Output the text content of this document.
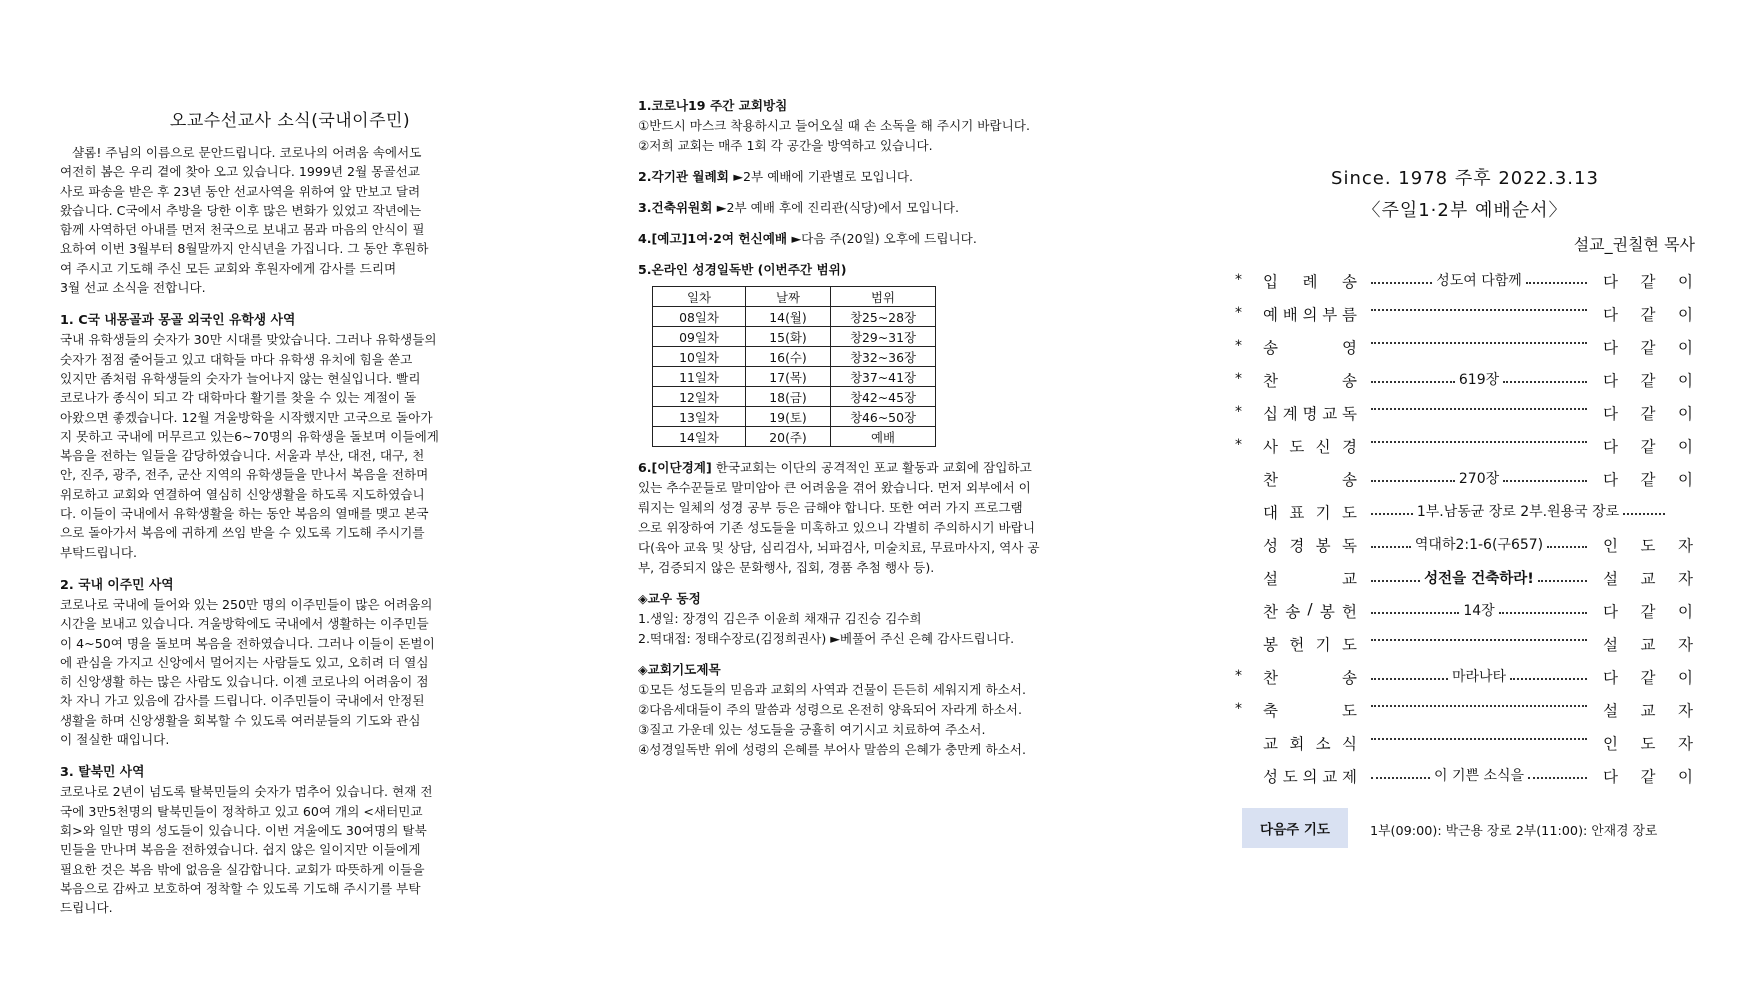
오교수선교사 소식(국내이주민)
샬롬! 주님의 이름으로 문안드립니다. 코로나의 어려움 속에서도
여전히 봄은 우리 곁에 찾아 오고 있습니다. 1999년 2월 몽골선교
사로 파송을 받은 후 23년 동안 선교사역을 위하여 앞 만보고 달려
왔습니다. C국에서 추방을 당한 이후 많은 변화가 있었고 작년에는
함께 사역하던 아내를 먼저 천국으로 보내고 몸과 마음의 안식이 필
요하여 이번 3월부터 8월말까지 안식년을 가집니다. 그 동안 후원하
여 주시고 기도해 주신 모든 교회와 후원자에게 감사를 드리며
3월 선교 소식을 전합니다.
1. C국 내몽골과 몽골 외국인 유학생 사역
국내 유학생들의 숫자가 30만 시대를 맞았습니다. 그러나 유학생들의
숫자가 점점 줄어들고 있고 대학들 마다 유학생 유치에 힘을 쏟고
있지만 좀처럼 유학생들의 숫자가 늘어나지 않는 현실입니다. 빨리
코로나가 종식이 되고 각 대학마다 활기를 찾을 수 있는 계절이 돌
아왔으면 좋겠습니다. 12월 겨울방학을 시작했지만 고국으로 돌아가
지 못하고 국내에 머무르고 있는6~70명의 유학생을 돌보며 이들에게
복음을 전하는 일들을 감당하였습니다. 서울과 부산, 대전, 대구, 천
안, 진주, 광주, 전주, 군산 지역의 유학생들을 만나서 복음을 전하며
위로하고 교회와 연결하여 열심히 신앙생활을 하도록 지도하였습니
다. 이들이 국내에서 유학생활을 하는 동안 복음의 열매를 맺고 본국
으로 돌아가서 복음에 귀하게 쓰임 받을 수 있도록 기도해 주시기를
부탁드립니다.
2. 국내 이주민 사역
코로나로 국내에 들어와 있는 250만 명의 이주민들이 많은 어려움의
시간을 보내고 있습니다. 겨울방학에도 국내에서 생활하는 이주민들
이 4~50여 명을 돌보며 복음을 전하였습니다. 그러나 이들이 돈벌이
에 관심을 가지고 신앙에서 멀어지는 사람들도 있고, 오히려 더 열심
히 신앙생활 하는 많은 사람도 있습니다. 이젠 코로나의 어려움이 점
차 자니 가고 있음에 감사를 드립니다. 이주민들이 국내에서 안정된
생활을 하며 신앙생활을 회복할 수 있도록 여러분들의 기도와 관심
이 절실한 때입니다.
3. 탈북민 사역
코로나로 2년이 넘도록 탈북민들의 숫자가 멈추어 있습니다. 현재 전
국에 3만5천명의 탈북민들이 정착하고 있고 60여 개의 <새터민교
회>와 일만 명의 성도들이 있습니다. 이번 겨울에도 30여명의 탈북
민들을 만나며 복음을 전하였습니다. 쉽지 않은 일이지만 이들에게
필요한 것은 복음 밖에 없음을 실감합니다. 교회가 따뜻하게 이들을
복음으로 감싸고 보호하여 정착할 수 있도록 기도해 주시기를 부탁
드립니다.
1.코로나19 주간 교회방침
①반드시 마스크 착용하시고 들어오실 때 손 소독을 해 주시기 바랍니다.
②저희 교회는 매주 1회 각 공간을 방역하고 있습니다.
2.각기관 월례회 ►2부 예배에 기관별로 모입니다.
3.건축위원회 ►2부 예배 후에 진리관(식당)에서 모입니다.
4.[예고]1여·2여 헌신예배 ►다음 주(20일) 오후에 드립니다.
5.온라인 성경일독반 (이번주간 범위)
일차	날짜	범위
08일차	14(월)	창25~28장
09일차	15(화)	창29~31장
10일차	16(수)	창32~36장
11일차	17(목)	창37~41장
12일차	18(금)	창42~45장
13일차	19(토)	창46~50장
14일차	20(주)	예배
6.[이단경계] 한국교회는 이단의 공격적인 포교 활동과 교회에 잠입하고
있는 추수꾼들로 말미암아 큰 어려움을 겪어 왔습니다. 먼저 외부에서 이
뤄지는 일체의 성경 공부 등은 금해야 합니다. 또한 여러 가지 프로그램
으로 위장하여 기존 성도들을 미혹하고 있으니 각별히 주의하시기 바랍니
다(육아 교육 및 상담, 심리검사, 뇌파검사, 미술치료, 무료마사지, 역사 공
부, 검증되지 않은 문화행사, 집회, 경품 추첨 행사 등).
◈교우 동정
1.생일: 장경익 김은주 이윤희 채재규 김진승 김수희
2.떡대접: 정태수장로(김정희권사) ►베풀어 주신 은혜 감사드립니다.
◈교회기도제목
①모든 성도들의 믿음과 교회의 사역과 건물이 든든히 세워지게 하소서.
②다음세대들이 주의 말씀과 성령으로 온전히 양육되어 자라게 하소서.
③질고 가운데 있는 성도들을 긍휼히 여기시고 치료하여 주소서.
④성경일독반 위에 성령의 은혜를 부어사 말씀의 은혜가 충만케 하소서.
Since. 1978 주후 2022.3.13
〈주일1·2부 예배순서〉
설교_권칠현 목사
*	입 례 송	성도여 다함께	다 같 이
*	예 배 의 부 름	다 같 이
*	송	영	다 같 이
*	찬	송	619장	다 같 이
*	십 계 명 교 독	다 같 이
*	사 도 신 경	다 같 이
찬	송	270장	다 같 이
대 표 기 도	1부.남동균 장로 2부.원용국 장로
성 경 봉 독	역대하2:1-6(구657)	인 도 자
설	교	성전을 건축하라!	설 교 자
찬 송 / 봉 헌	14장	다 같 이
봉 헌 기 도	설 교 자
*	찬	송	마라나타	다 같 이
*	축	도	설 교 자
교 회 소 식	인 도 자
성 도 의 교 제	이 기쁜 소식을	다 같 이
다음주 기도	1부(09:00): 박근용 장로 2부(11:00): 안재경 장로
